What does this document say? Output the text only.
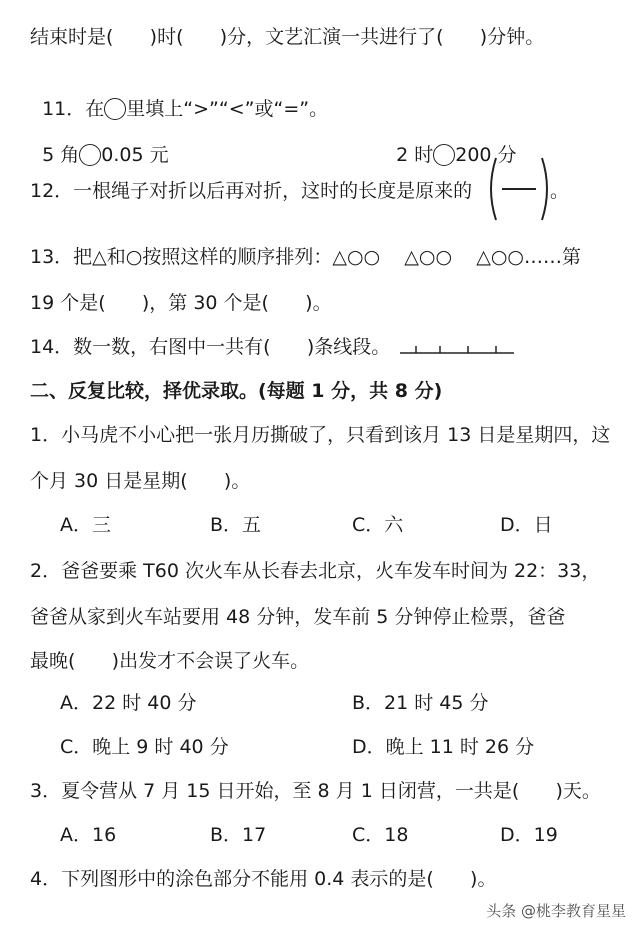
结束时是(      )时(      )分，文艺汇演一共进行了(      )分钟。

11．在 里填上“>”“<”或“=”。

5 角 0.05 元	2 时 200 分

12．一根绳子对折以后再对折，这时的长度是原来的	。
13．把△和○按照这样的顺序排列：△○○    △○○    △○○……第
19 个是(      )，第 30 个是(      )。
14．数一数，右图中一共有(      )条线段。
二、反复比较，择优录取。(每题 1 分，共 8 分)
1．小马虎不小心把一张月历撕破了，只看到该月 13 日是星期四，这
个月 30 日是星期(      )。
A．三	B．五	C．六	D．日
2．爸爸要乘 T60 次火车从长春去北京，火车发车时间为 22：33，
爸爸从家到火车站要用 48 分钟，发车前 5 分钟停止检票，爸爸
最晚(      )出发才不会误了火车。
A．22 时 40 分	B．21 时 45 分
C．晚上 9 时 40 分	D．晚上 11 时 26 分
3．夏令营从 7 月 15 日开始，至 8 月 1 日闭营，一共是(      )天。
A．16	B．17	C．18	D．19
4．下列图形中的涂色部分不能用 0.4 表示的是(      )。
头条 @桃李教育星星
